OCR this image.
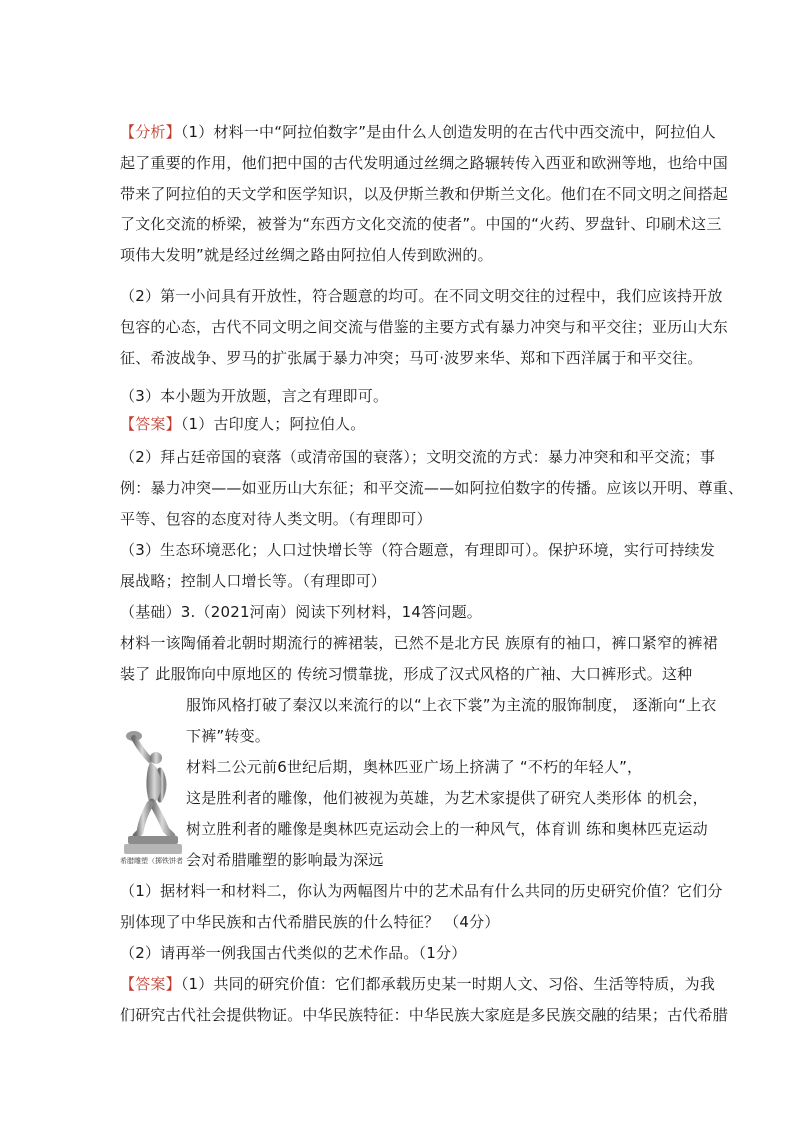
【分析】（1）材料一中“阿拉伯数字”是由什么人创造发明的在古代中西交流中，阿拉伯人
起了重要的作用，他们把中国的古代发明通过丝绸之路辗转传入西亚和欧洲等地，也给中国
带来了阿拉伯的天文学和医学知识，以及伊斯兰教和伊斯兰文化。他们在不同文明之间搭起
了文化交流的桥梁，被誉为“东西方文化交流的使者”。中国的“火药、罗盘针、印刷术这三
项伟大发明”就是经过丝绸之路由阿拉伯人传到欧洲的。
（2）第一小问具有开放性，符合题意的均可。在不同文明交往的过程中，我们应该持开放
包容的心态，古代不同文明之间交流与借鉴的主要方式有暴力冲突与和平交往；亚历山大东
征、希波战争、罗马的扩张属于暴力冲突；马可·波罗来华、郑和下西洋属于和平交往。
（3）本小题为开放题，言之有理即可。
【答案】（1）古印度人；阿拉伯人。
（2）拜占廷帝国的衰落（或清帝国的衰落）；文明交流的方式：暴力冲突和和平交流；事
例：暴力冲突——如亚历山大东征；和平交流——如阿拉伯数字的传播。应该以开明、尊重、
平等、包容的态度对待人类文明。（有理即可）
（3）生态环境恶化；人口过快增长等（符合题意，有理即可）。保护环境，实行可持续发
展战略；控制人口增长等。（有理即可）
（基础）3.（2021河南）阅读下列材料，14答问题。
材料一该陶俑着北朝时期流行的裤裙装，已然不是北方民 族原有的袖口，裤口紧窄的裤裙
装了 此服饰向中原地区的 传统习惯靠拢，形成了汉式风格的广袖、大口裤形式。这种
希腊雕塑（掷铁饼者
服饰风格打破了秦汉以来流行的以“上衣下裳”为主流的服饰制度， 逐渐向“上衣
下裤”转变。
材料二公元前6世纪后期，奥林匹亚广场上挤满了 “不朽的年轻人”，
这是胜利者的雕像，他们被视为英雄，为艺术家提供了研究人类形体 的机会，
树立胜利者的雕像是奥林匹克运动会上的一种风气，体育训 练和奥林匹克运动
会对希腊雕塑的影响最为深远
（1）据材料一和材料二，你认为两幅图片中的艺术品有什么共同的历史研究价值？它们分
别体现了中华民族和古代希腊民族的什么特征？ （4分）
（2）请再举一例我国古代类似的艺术作品。（1分）
【答案】（1）共同的研究价值：它们都承载历史某一时期人文、习俗、生活等特质，为我
们研究古代社会提供物证。中华民族特征：中华民族大家庭是多民族交融的结果；古代希腊
